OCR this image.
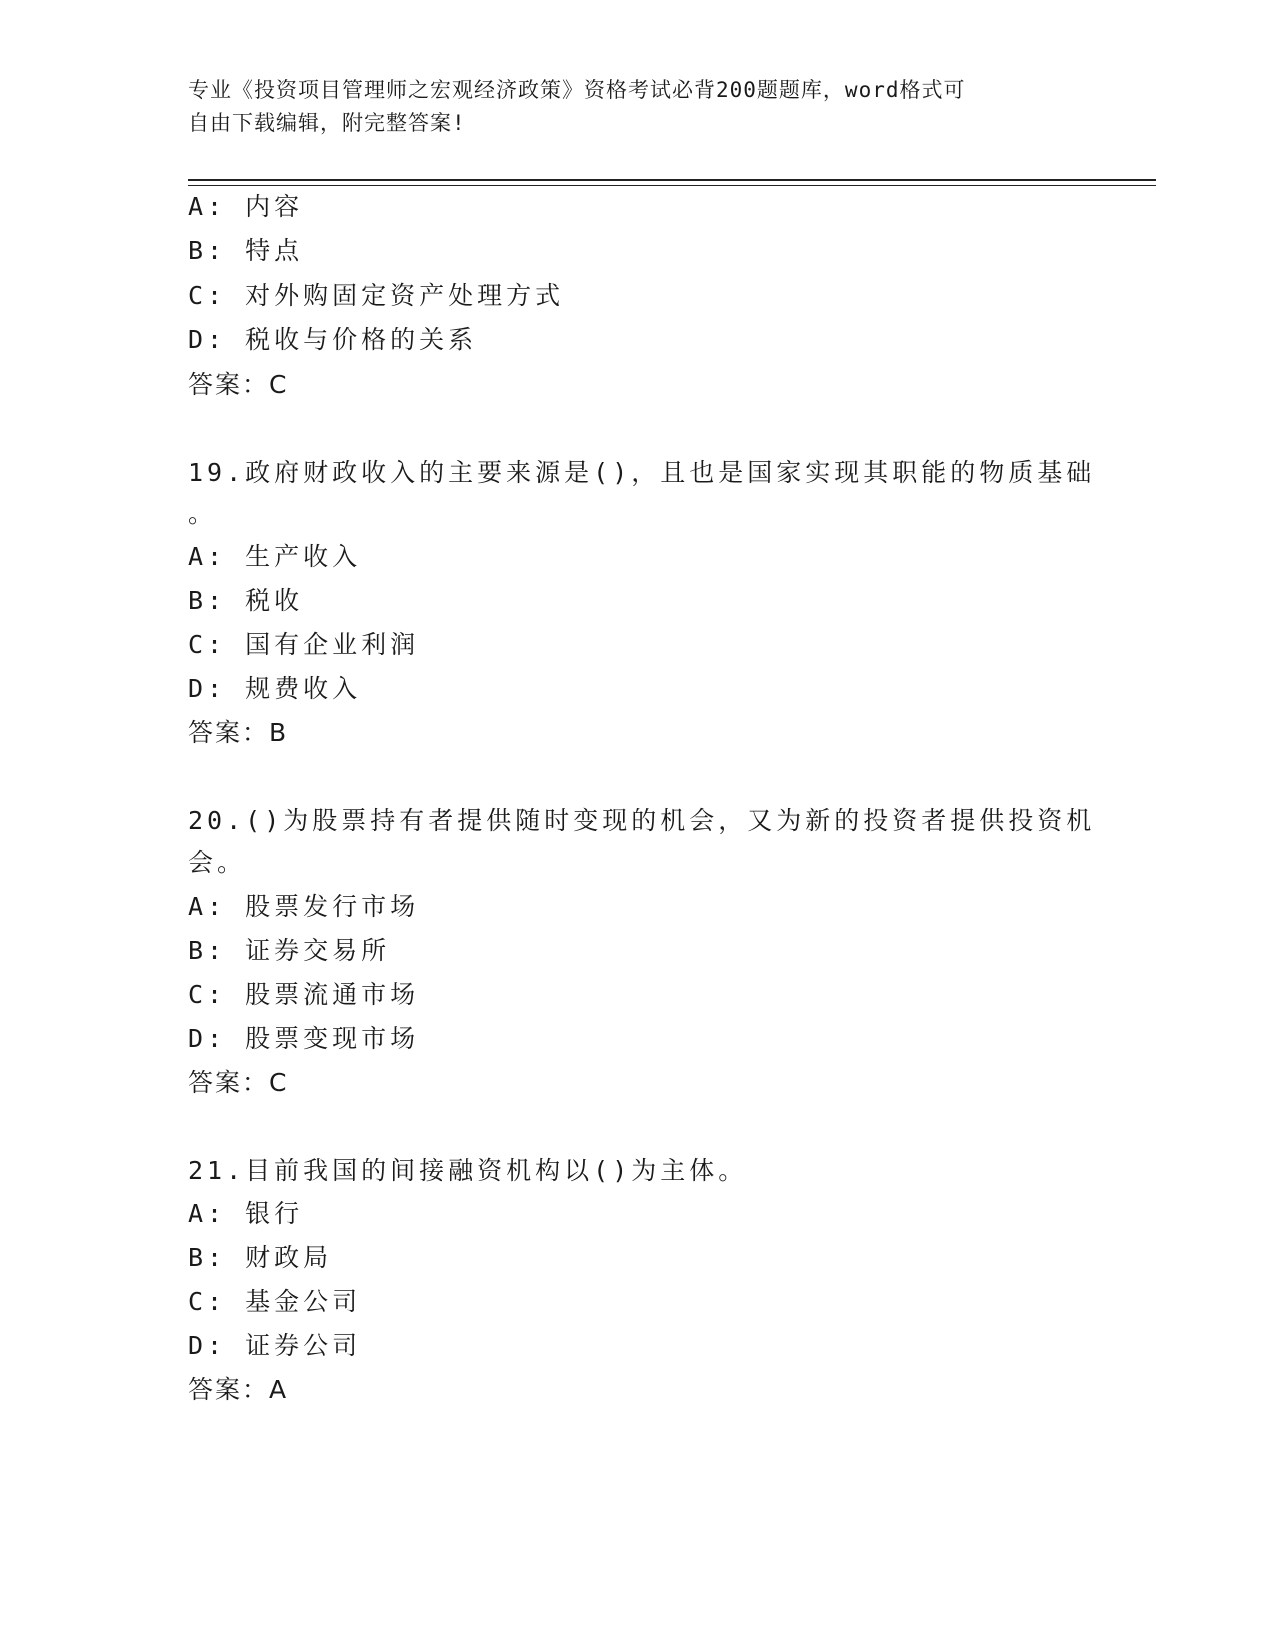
专业《投资项目管理师之宏观经济政策》资格考试必背200题题库，word格式可
自由下载编辑，附完整答案!
A: 内容
B: 特点
C: 对外购固定资产处理方式
D: 税收与价格的关系
答案：C
19.政府财政收入的主要来源是()，且也是国家实现其职能的物质基础
。
A: 生产收入
B: 税收
C: 国有企业利润
D: 规费收入
答案：B
20.()为股票持有者提供随时变现的机会，又为新的投资者提供投资机
会。
A: 股票发行市场
B: 证券交易所
C: 股票流通市场
D: 股票变现市场
答案：C
21.目前我国的间接融资机构以()为主体。
A: 银行
B: 财政局
C: 基金公司
D: 证券公司
答案：A
